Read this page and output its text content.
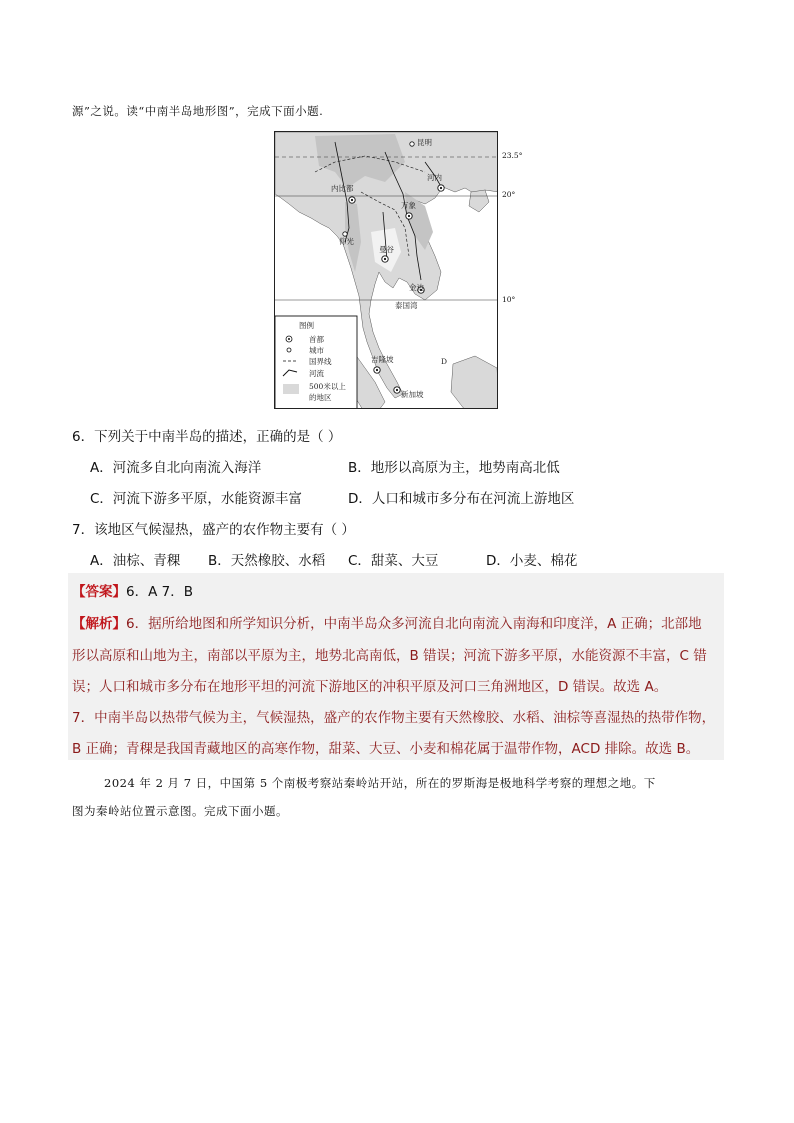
源”之说。读“中南半岛地形图”，完成下面小题.
昆明
内比都
河内
万象
仰光
曼谷
金边
泰国湾
吉隆坡
新加坡
D
图例
首都
城市
国界线
河流
500米以上
的地区
23.5°
20°
10°
6．下列关于中南半岛的描述，正确的是（ ）
A．河流多自北向南流入海洋	B．地形以高原为主，地势南高北低
C．河流下游多平原，水能资源丰富	D．人口和城市多分布在河流上游地区
7．该地区气候湿热，盛产的农作物主要有（ ）
A．油棕、青稞 B．天然橡胶、水稻 C．甜菜、大豆	D．小麦、棉花
【答案】6．A 7．B
【解析】6．据所给地图和所学知识分析，中南半岛众多河流自北向南流入南海和印度洋，A 正确；北部地
形以高原和山地为主，南部以平原为主，地势北高南低，B 错误；河流下游多平原，水能资源不丰富，C 错
误；人口和城市多分布在地形平坦的河流下游地区的冲积平原及河口三角洲地区，D 错误。故选 A。
7．中南半岛以热带气候为主，气候湿热，盛产的农作物主要有天然橡胶、水稻、油棕等喜湿热的热带作物，
B 正确；青稞是我国青藏地区的高寒作物，甜菜、大豆、小麦和棉花属于温带作物，ACD 排除。故选 B。
2024 年 2 月 7 日，中国第 5 个南极考察站秦岭站开站，所在的罗斯海是极地科学考察的理想之地。下
图为秦岭站位置示意图。完成下面小题。
